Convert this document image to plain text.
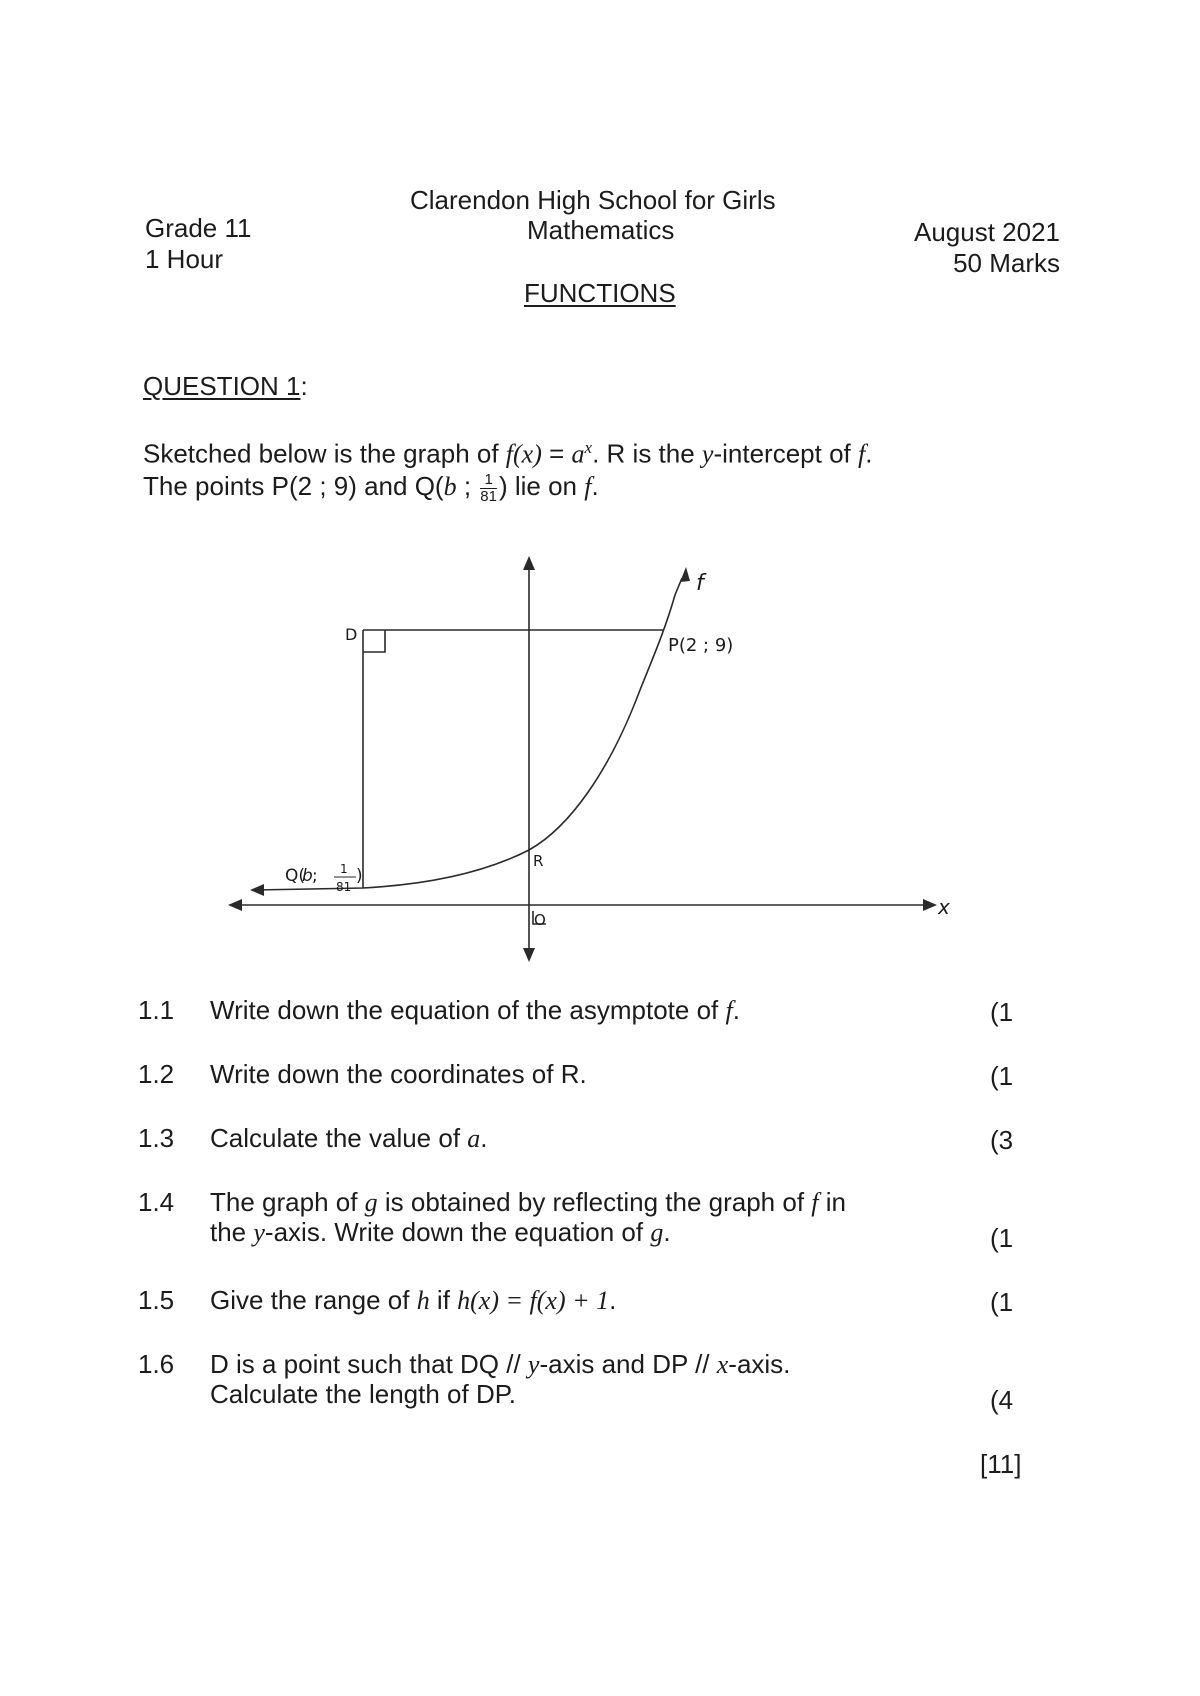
Clarendon High School for Girls
Mathematics
Grade 11
1 Hour
August 2021
50 Marks
FUNCTIONS
QUESTION 1:
Sketched below is the graph of $f(x) = a^x$. R is the y-intercept of f.
The points P(2 ; 9) and Q(b ; $\frac{1}{81}$ ) lie on f.
D
P(2 ; 9)
f
R
O
x
Q(
b ; 1
81
)
1.1	Write down the equation of the asymptote of f.	(1
1.2	Write down the coordinates of R.	(1
1.3	Calculate the value of a.	(3
1.4	The graph of g is obtained by reflecting the graph of f in
the y-axis. Write down the equation of g.	(1
1.5	Give the range of h if h(x) = f(x) + 1.	(1
1.6	D is a point such that DQ // y-axis and DP // x-axis.
Calculate the length of DP.	(4
[11]
